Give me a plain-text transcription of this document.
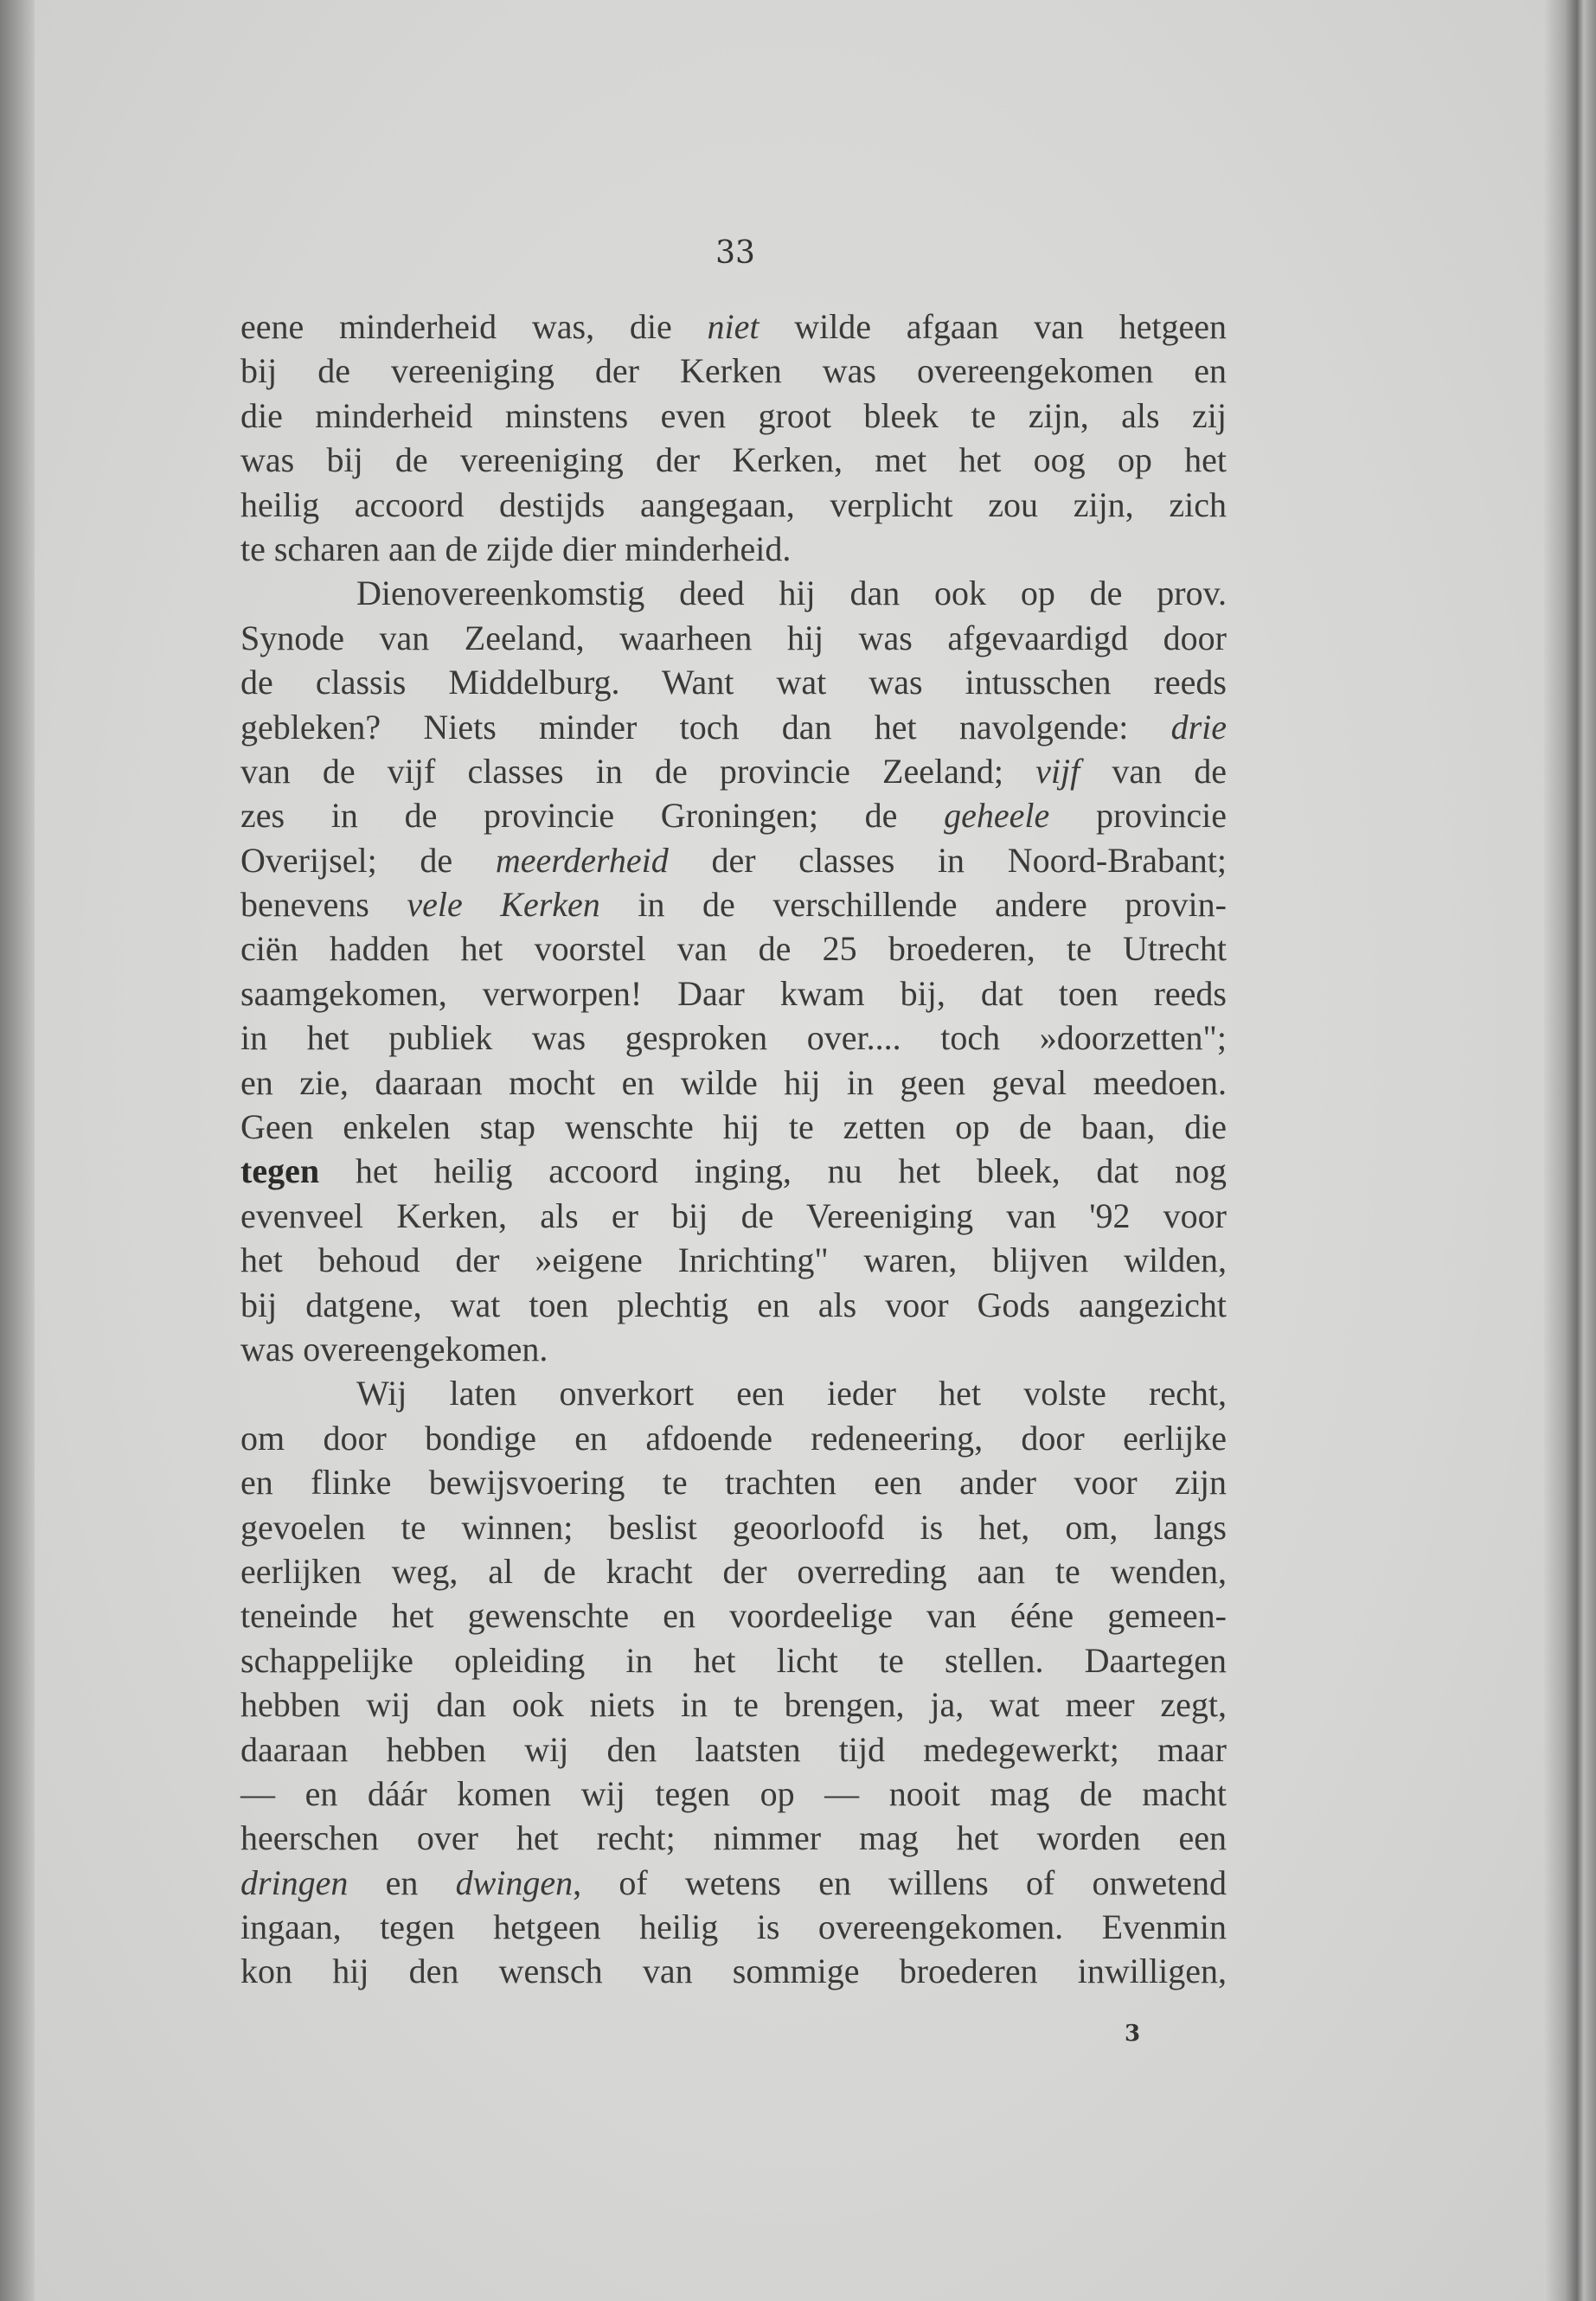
33
eene minderheid was, die niet wilde afgaan van hetgeen
bij de vereeniging der Kerken was overeengekomen en
die minderheid minstens even groot bleek te zijn, als zij
was bij de vereeniging der Kerken, met het oog op het
heilig accoord destijds aangegaan, verplicht zou zijn, zich
te scharen aan de zijde dier minderheid.
Dienovereenkomstig deed hij dan ook op de prov.
Synode van Zeeland, waarheen hij was afgevaardigd door
de classis Middelburg. Want wat was intusschen reeds
gebleken? Niets minder toch dan het navolgende: drie
van de vijf classes in de provincie Zeeland; vijf van de
zes in de provincie Groningen; de geheele provincie
Overijsel; de meerderheid der classes in Noord-Brabant;
benevens vele Kerken in de verschillende andere provin-
ciën hadden het voorstel van de 25 broederen, te Utrecht
saamgekomen, verworpen! Daar kwam bij, dat toen reeds
in het publiek was gesproken over.... toch »doorzetten";
en zie, daaraan mocht en wilde hij in geen geval meedoen.
Geen enkelen stap wenschte hij te zetten op de baan, die
tegen het heilig accoord inging, nu het bleek, dat nog
evenveel Kerken, als er bij de Vereeniging van '92 voor
het behoud der »eigene Inrichting" waren, blijven wilden,
bij datgene, wat toen plechtig en als voor Gods aangezicht
was overeengekomen.
Wij laten onverkort een ieder het volste recht,
om door bondige en afdoende redeneering, door eerlijke
en flinke bewijsvoering te trachten een ander voor zijn
gevoelen te winnen; beslist geoorloofd is het, om, langs
eerlijken weg, al de kracht der overreding aan te wenden,
teneinde het gewenschte en voordeelige van ééne gemeen-
schappelijke opleiding in het licht te stellen. Daartegen
hebben wij dan ook niets in te brengen, ja, wat meer zegt,
daaraan hebben wij den laatsten tijd medegewerkt; maar
— en dáár komen wij tegen op — nooit mag de macht
heerschen over het recht; nimmer mag het worden een
dringen en dwingen, of wetens en willens of onwetend
ingaan, tegen hetgeen heilig is overeengekomen. Evenmin
kon hij den wensch van sommige broederen inwilligen,
3
